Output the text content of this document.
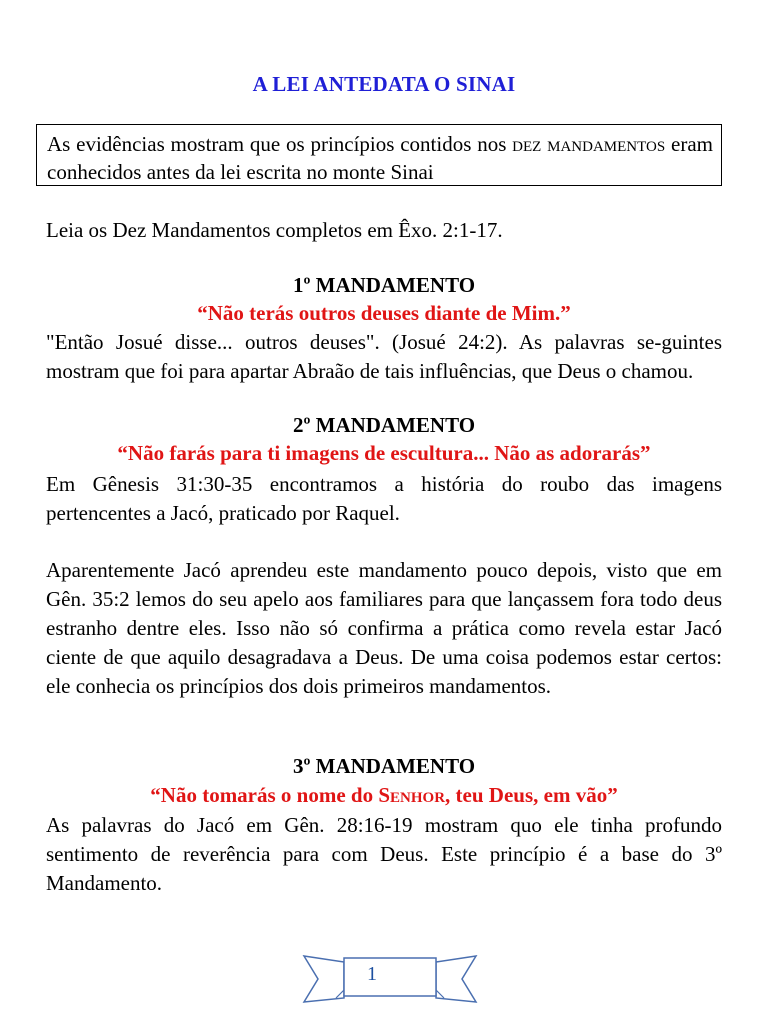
A LEI ANTEDATA O SINAI
As evidências mostram que os princípios contidos nos dez mandamentos eram conhecidos antes da lei escrita no monte Sinai

Leia os Dez Mandamentos completos em Êxo. 2:1-17.

1º MANDAMENTO
“Não terás outros deuses diante de Mim.”

"Então Josué disse... outros deuses". (Josué 24:2). As palavras se-guintes mostram que foi para apartar Abraão de tais influências, que Deus o chamou.

2º MANDAMENTO
“Não farás para ti imagens de escultura... Não as adorarás”

Em Gênesis 31:30-35 encontramos a história do roubo das imagens pertencentes a Jacó, praticado por Raquel.

Aparentemente Jacó aprendeu este mandamento pouco depois, visto que em Gên. 35:2 lemos do seu apelo aos familiares para que lançassem fora todo deus estranho dentre eles. Isso não só confirma a prática como revela estar Jacó ciente de que aquilo desagradava a Deus. De uma coisa podemos estar certos: ele conhecia os princípios dos dois primeiros mandamentos.

3º MANDAMENTO
“Não tomarás o nome do Senhor, teu Deus, em vão”

As palavras do Jacó em Gên. 28:16-19 mostram quo ele tinha profundo sentimento de reverência para com Deus. Este princípio é a base do 3º Mandamento.

1
